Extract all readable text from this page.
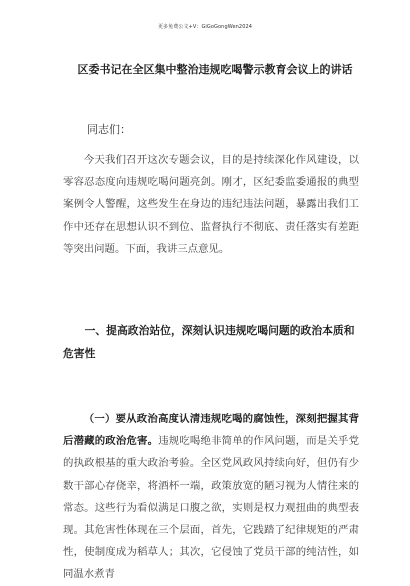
更多免费公文+V：GiGoGongWen2024
区委书记在全区集中整治违规吃喝警示教育会议上的讲话
同志们：

今天我们召开这次专题会议，目的是持续深化作风建设，以零容忍态度向违规吃喝问题亮剑。刚才，区纪委监委通报的典型案例令人警醒，这些发生在身边的违纪违法问题，暴露出我们工作中还存在思想认识不到位、监督执行不彻底、责任落实有差距等突出问题。下面，我讲三点意见。

一、提高政治站位，深刻认识违规吃喝问题的政治本质和危害性

（一）要从政治高度认清违规吃喝的腐蚀性，深刻把握其背后潜藏的政治危害。违规吃喝绝非简单的作风问题，而是关乎党的执政根基的重大政治考验。全区党风政风持续向好，但仍有少数干部心存侥幸，将酒杯一端，政策放宽的陋习视为人情往来的常态。这些行为看似满足口腹之欲，实则是权力观扭曲的典型表现。其危害性体现在三个层面，首先，它践踏了纪律规矩的严肃性，使制度成为稻草人；其次，它侵蚀了党员干部的纯洁性，如同温水煮青
